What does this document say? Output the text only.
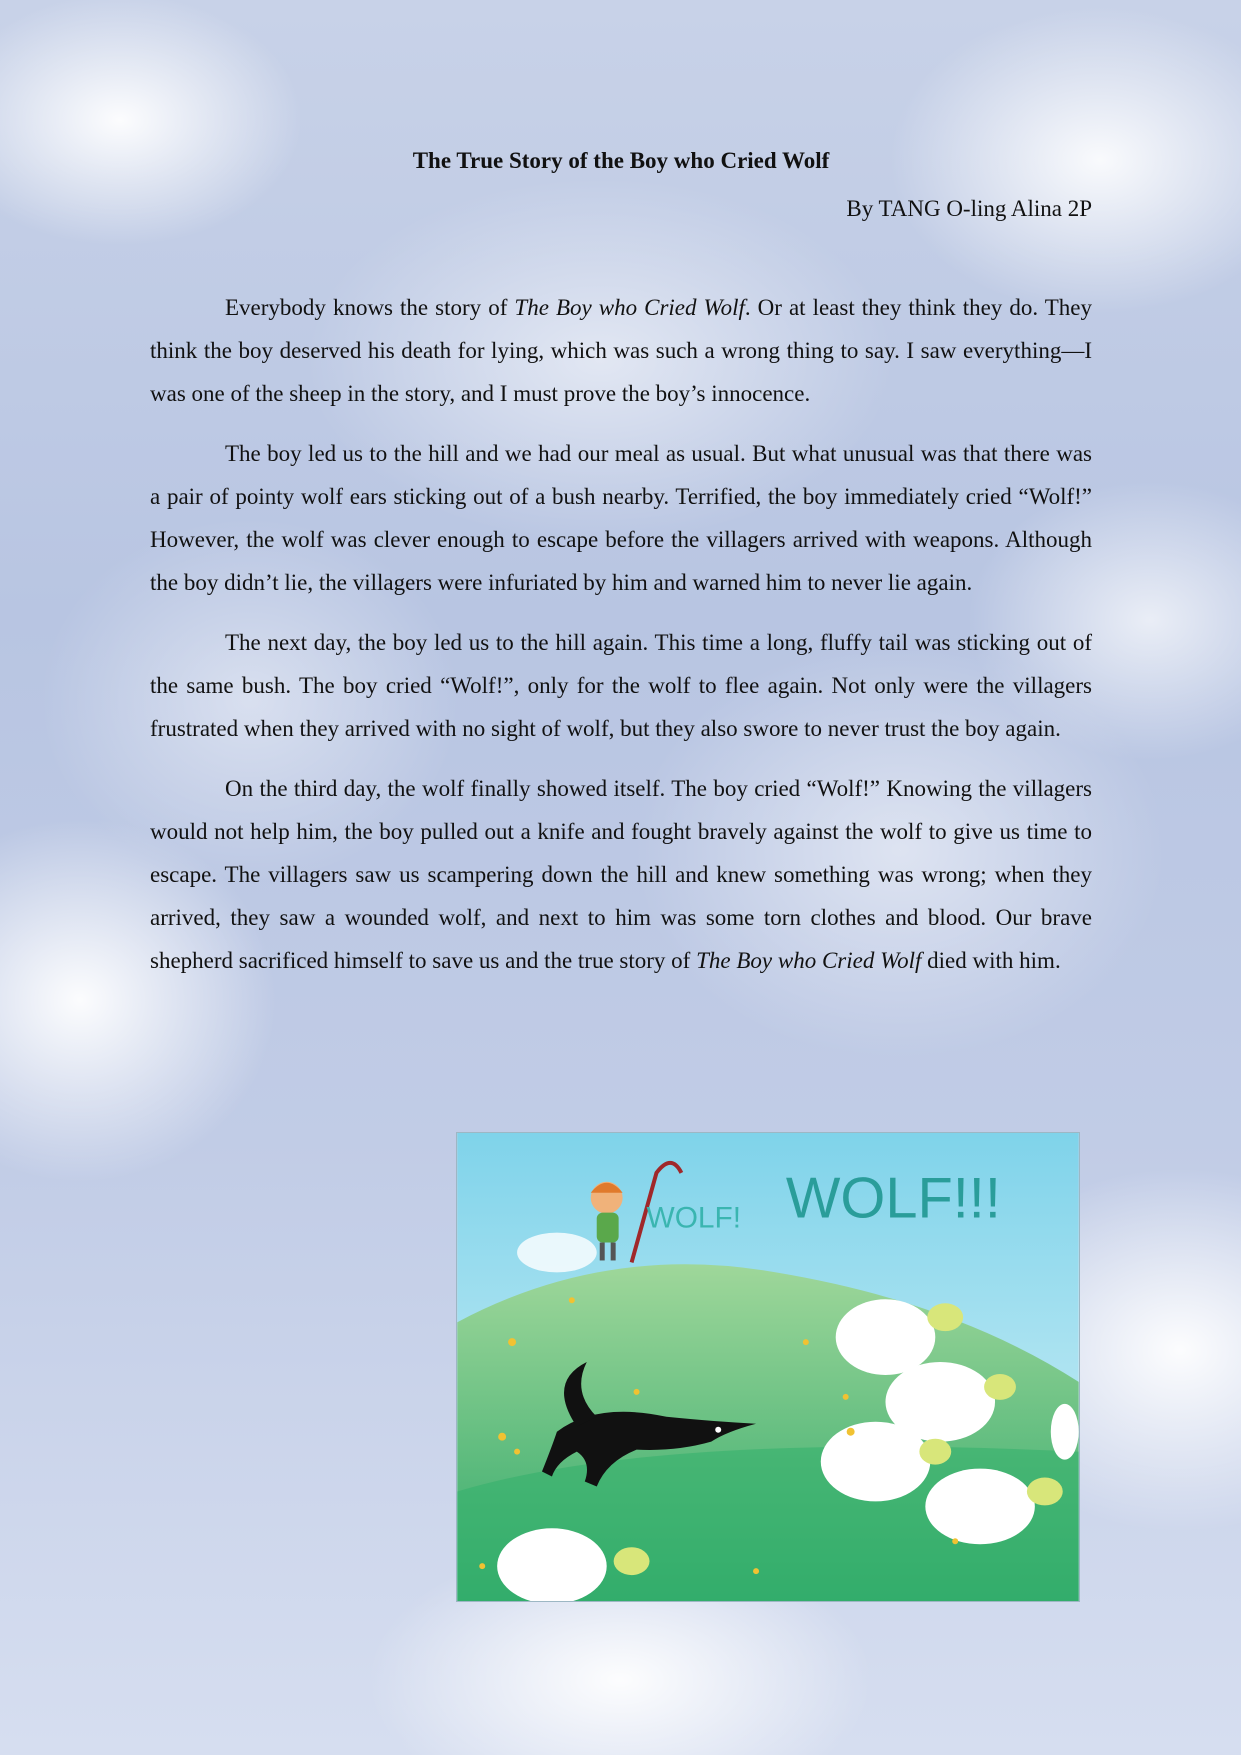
The True Story of the Boy who Cried Wolf

By TANG O-ling Alina 2P

Everybody knows the story of The Boy who Cried Wolf. Or at least they think they do. They think the boy deserved his death for lying, which was such a wrong thing to say. I saw everything—I was one of the sheep in the story, and I must prove the boy’s innocence.

The boy led us to the hill and we had our meal as usual. But what unusual was that there was a pair of pointy wolf ears sticking out of a bush nearby. Terrified, the boy immediately cried “Wolf!” However, the wolf was clever enough to escape before the villagers arrived with weapons. Although the boy didn’t lie, the villagers were infuriated by him and warned him to never lie again.

The next day, the boy led us to the hill again. This time a long, fluffy tail was sticking out of the same bush. The boy cried “Wolf!”, only for the wolf to flee again. Not only were the villagers frustrated when they arrived with no sight of wolf, but they also swore to never trust the boy again.

On the third day, the wolf finally showed itself. The boy cried “Wolf!” Knowing the villagers would not help him, the boy pulled out a knife and fought bravely against the wolf to give us time to escape. The villagers saw us scampering down the hill and knew something was wrong; when they arrived, they saw a wounded wolf, and next to him was some torn clothes and blood. Our brave shepherd sacrificed himself to save us and the true story of The Boy who Cried Wolf died with him.

WOLF! WOLF!!!
